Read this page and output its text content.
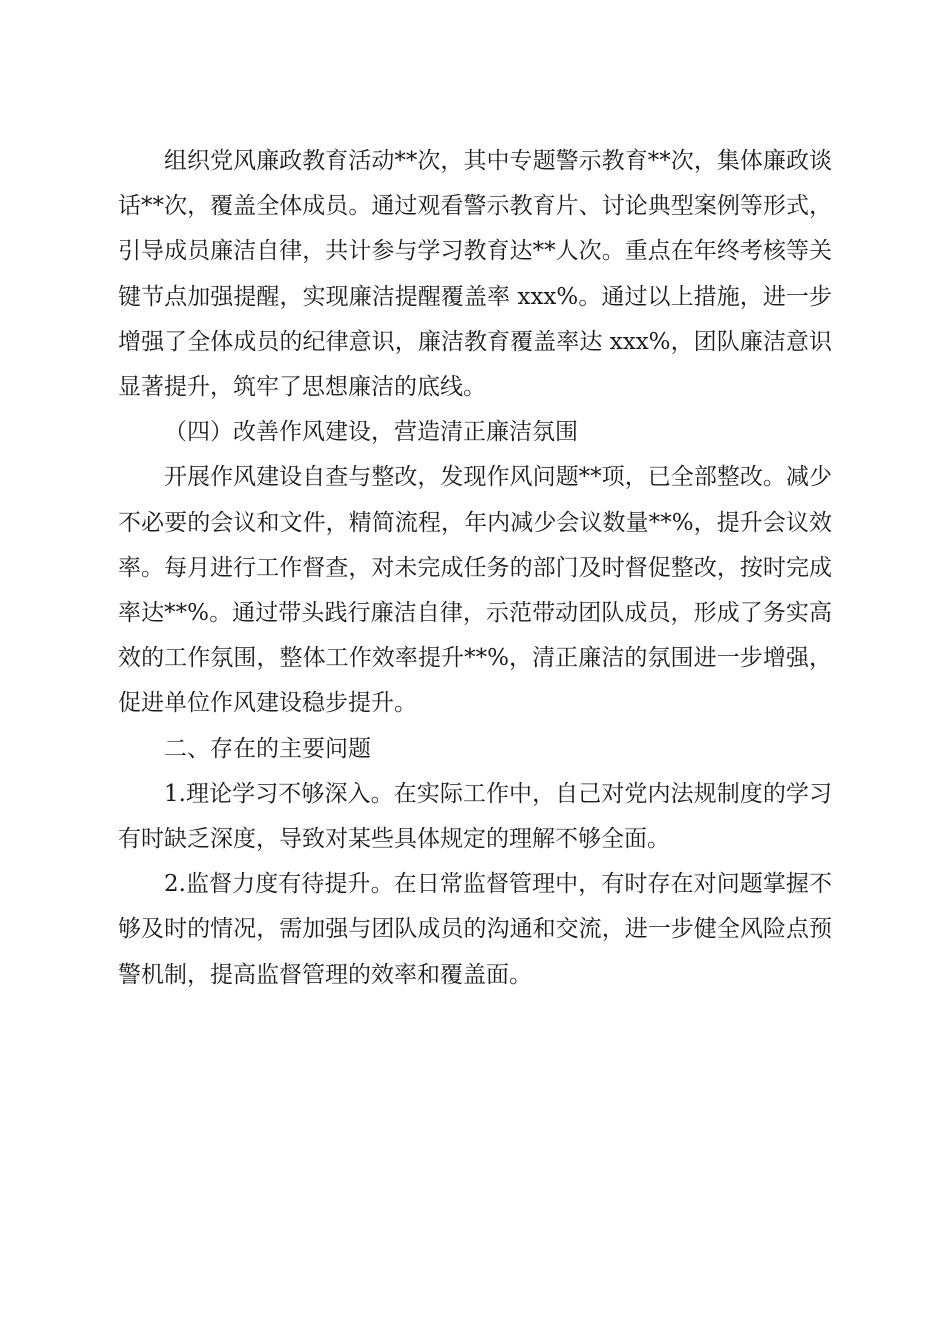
组织党风廉政教育活动**次，其中专题警示教育**次，集体廉政谈话**次，覆盖全体成员。通过观看警示教育片、讨论典型案例等形式，引导成员廉洁自律，共计参与学习教育达**人次。重点在年终考核等关键节点加强提醒，实现廉洁提醒覆盖率 xxx%。通过以上措施，进一步增强了全体成员的纪律意识，廉洁教育覆盖率达 xxx%，团队廉洁意识显著提升，筑牢了思想廉洁的底线。

（四）改善作风建设，营造清正廉洁氛围

开展作风建设自查与整改，发现作风问题**项，已全部整改。减少不必要的会议和文件，精简流程，年内减少会议数量**%，提升会议效率。每月进行工作督查，对未完成任务的部门及时督促整改，按时完成率达**%。通过带头践行廉洁自律，示范带动团队成员，形成了务实高效的工作氛围，整体工作效率提升**%，清正廉洁的氛围进一步增强，促进单位作风建设稳步提升。

二、存在的主要问题

1.理论学习不够深入。在实际工作中，自己对党内法规制度的学习有时缺乏深度，导致对某些具体规定的理解不够全面。

2.监督力度有待提升。在日常监督管理中，有时存在对问题掌握不够及时的情况，需加强与团队成员的沟通和交流，进一步健全风险点预警机制，提高监督管理的效率和覆盖面。
